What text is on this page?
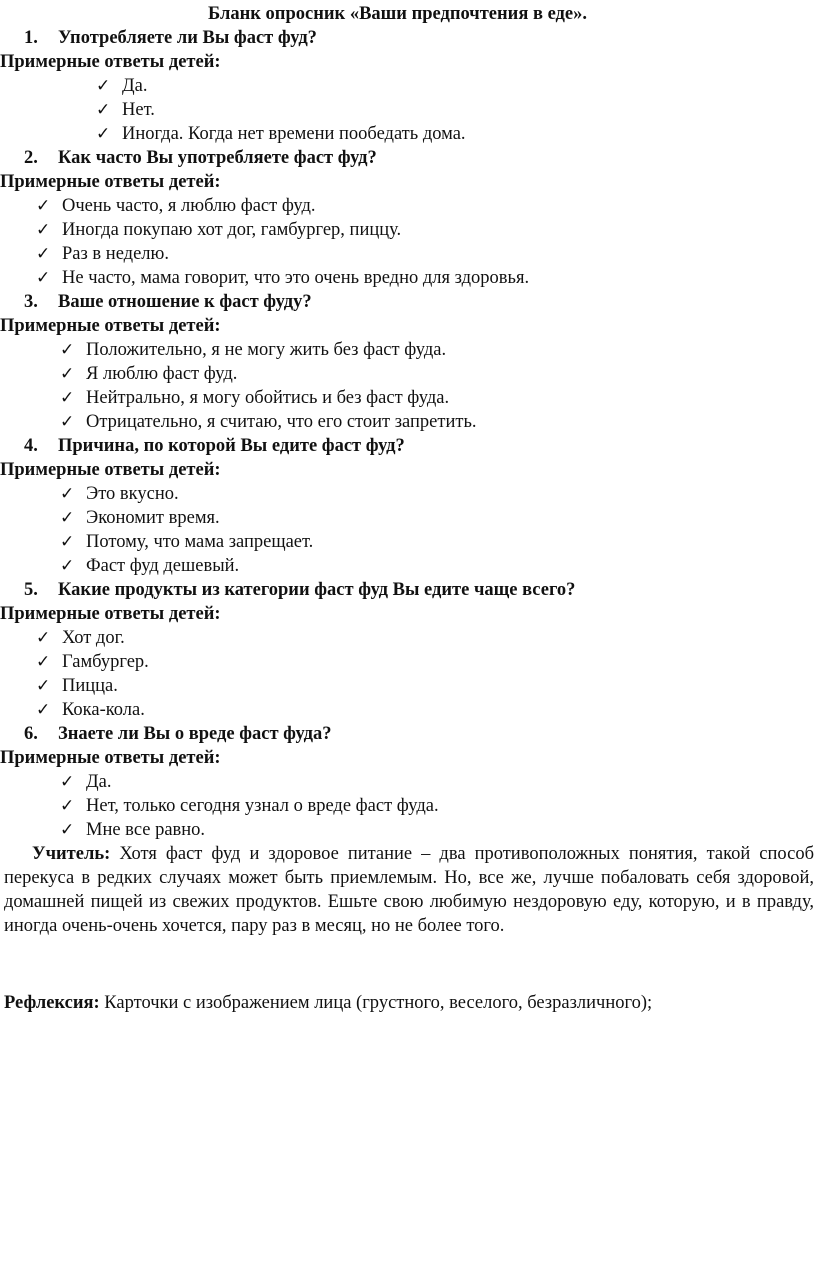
Бланк опросник «Ваши предпочтения в еде».
1. Употребляете ли Вы фаст фуд?
Примерные ответы детей:
✓ Да.
✓ Нет.
✓ Иногда. Когда нет времени пообедать дома.
2. Как часто Вы употребляете фаст фуд?
Примерные ответы детей:
✓ Очень часто, я люблю фаст фуд.
✓ Иногда покупаю хот дог, гамбургер, пиццу.
✓ Раз в неделю.
✓ Не часто, мама говорит, что это очень вредно для здоровья.
3. Ваше отношение к фаст фуду?
Примерные ответы детей:
✓ Положительно, я не могу жить без фаст фуда.
✓ Я люблю фаст фуд.
✓ Нейтрально, я могу обойтись и без фаст фуда.
✓ Отрицательно, я считаю, что его стоит запретить.
4. Причина, по которой Вы едите фаст фуд?
Примерные ответы детей:
✓ Это вкусно.
✓ Экономит время.
✓ Потому, что мама запрещает.
✓ Фаст фуд дешевый.
5. Какие продукты из категории фаст фуд Вы едите чаще всего?
Примерные ответы детей:
✓ Хот дог.
✓ Гамбургер.
✓ Пицца.
✓ Кока-кола.
6. Знаете ли Вы о вреде фаст фуда?
Примерные ответы детей:
✓ Да.
✓ Нет, только сегодня узнал о вреде фаст фуда.
✓ Мне все равно.
Учитель: Хотя фаст фуд и здоровое питание – два противоположных понятия, такой способ перекуса в редких случаях может быть приемлемым. Но, все же, лучше побаловать себя здоровой, домашней пищей из свежих продуктов. Ешьте свою любимую нездоровую еду, которую, и в правду, иногда очень-очень хочется, пару раз в месяц, но не более того.
Рефлексия: Карточки с изображением лица (грустного, веселого, безразличного);
